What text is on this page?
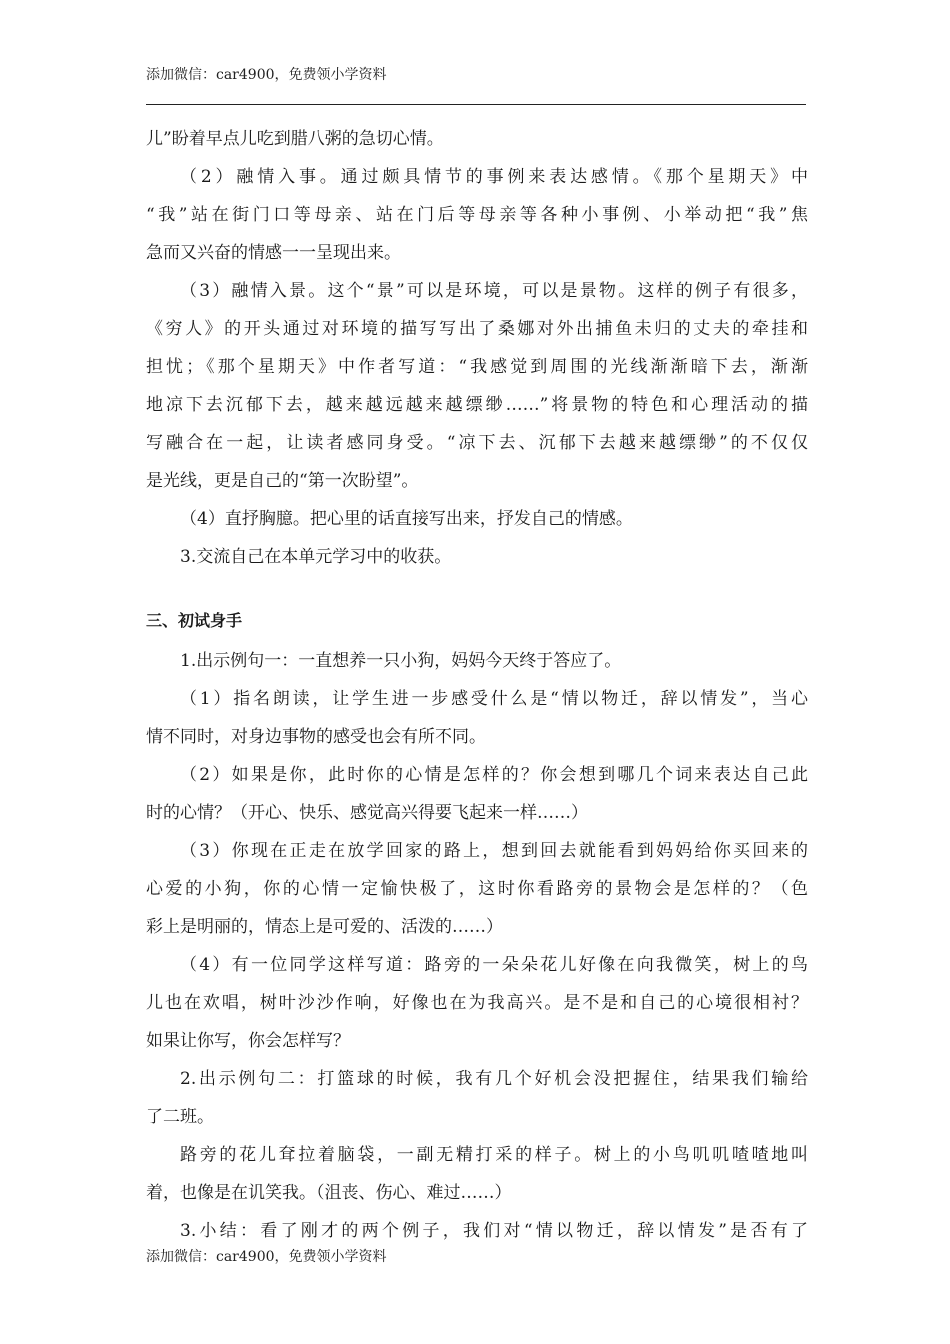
添加微信：car4900，免费领小学资料
儿”盼着早点儿吃到腊八粥的急切心情。
（2）融情入事。通过颇具情节的事例来表达感情。《那个星期天》中
“我”站在街门口等母亲、站在门后等母亲等各种小事例、小举动把“我”焦
急而又兴奋的情感一一呈现出来。
（3）融情入景。这个“景”可以是环境，可以是景物。这样的例子有很多，
《穷人》的开头通过对环境的描写写出了桑娜对外出捕鱼未归的丈夫的牵挂和
担忧；《那个星期天》中作者写道：“我感觉到周围的光线渐渐暗下去，渐渐
地凉下去沉郁下去，越来越远越来越缥缈……”将景物的特色和心理活动的描
写融合在一起，让读者感同身受。“凉下去、沉郁下去越来越缥缈”的不仅仅
是光线，更是自己的“第一次盼望”。
（4）直抒胸臆。把心里的话直接写出来，抒发自己的情感。
3.交流自己在本单元学习中的收获。
三、初试身手
1.出示例句一：一直想养一只小狗，妈妈今天终于答应了。
（1）指名朗读，让学生进一步感受什么是“情以物迁，辞以情发”，当心
情不同时，对身边事物的感受也会有所不同。
（2）如果是你，此时你的心情是怎样的？你会想到哪几个词来表达自己此
时的心情？（开心、快乐、感觉高兴得要飞起来一样……）
（3）你现在正走在放学回家的路上，想到回去就能看到妈妈给你买回来的
心爱的小狗，你的心情一定愉快极了，这时你看路旁的景物会是怎样的？（色
彩上是明丽的，情态上是可爱的、活泼的……）
（4）有一位同学这样写道：路旁的一朵朵花儿好像在向我微笑，树上的鸟
儿也在欢唱，树叶沙沙作响，好像也在为我高兴。是不是和自己的心境很相衬？
如果让你写，你会怎样写？
2.出示例句二：打篮球的时候，我有几个好机会没把握住，结果我们输给
了二班。
路旁的花儿耷拉着脑袋，一副无精打采的样子。树上的小鸟叽叽喳喳地叫
着，也像是在讥笑我。（沮丧、伤心、难过……）
3.小结：看了刚才的两个例子，我们对“情以物迁，辞以情发”是否有了
添加微信：car4900，免费领小学资料
